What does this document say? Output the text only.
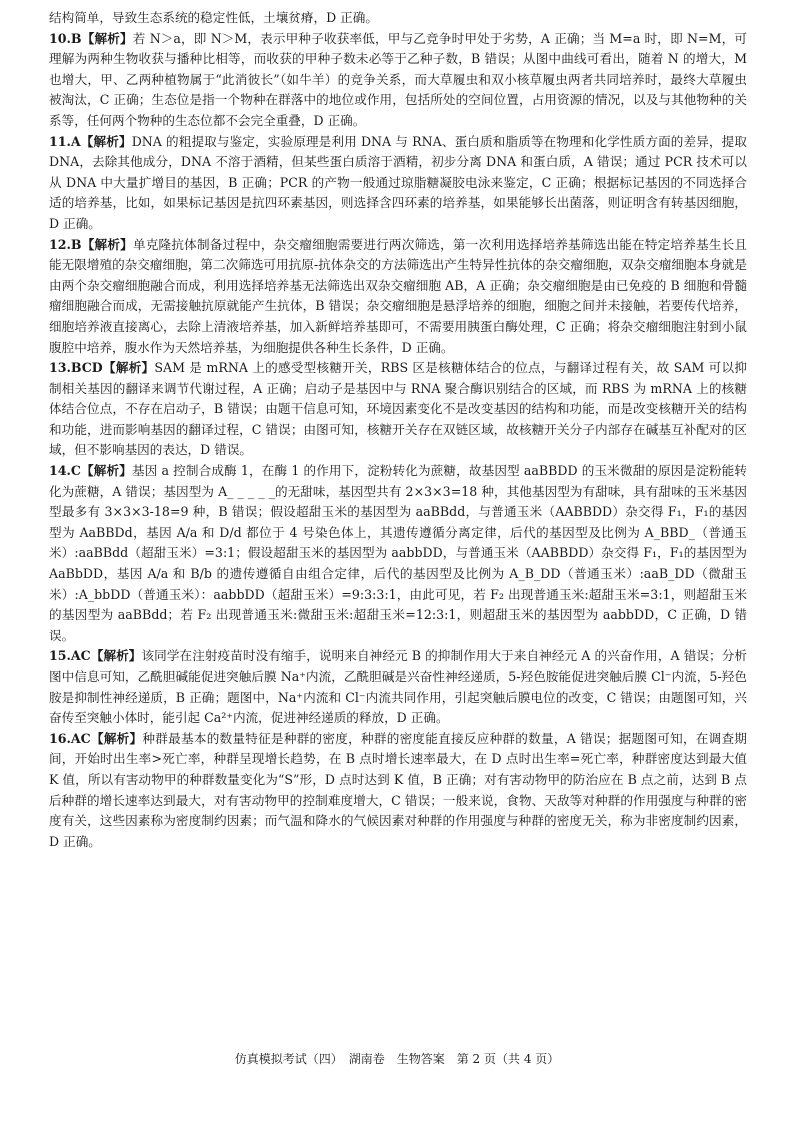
结构简单，导致生态系统的稳定性低，土壤贫瘠，D 正确。

10.B【解析】若 N＞a，即 N＞M，表示甲种子收获率低，甲与乙竞争时甲处于劣势，A 正确；当 M=a 时，即 N=M，可理解为两种生物收获与播种比相等，而收获的甲种子数未必等于乙种子数，B 错误；从图中曲线可看出，随着 N 的增大，M 也增大，甲、乙两种植物属于“此消彼长”（如牛羊）的竞争关系，而大草履虫和双小核草履虫两者共同培养时，最终大草履虫被淘汰，C 正确；生态位是指一个物种在群落中的地位或作用，包括所处的空间位置，占用资源的情况，以及与其他物种的关系等，任何两个物种的生态位都不会完全重叠，D 正确。

11.A【解析】DNA 的粗提取与鉴定，实验原理是利用 DNA 与 RNA、蛋白质和脂质等在物理和化学性质方面的差异，提取 DNA，去除其他成分，DNA 不溶于酒精，但某些蛋白质溶于酒精，初步分离 DNA 和蛋白质，A 错误；通过 PCR 技术可以从 DNA 中大量扩增目的基因，B 正确；PCR 的产物一般通过琼脂糖凝胶电泳来鉴定，C 正确；根据标记基因的不同选择合适的培养基，比如，如果标记基因是抗四环素基因，则选择含四环素的培养基，如果能够长出菌落，则证明含有转基因细胞，D 正确。

12.B【解析】单克隆抗体制备过程中，杂交瘤细胞需要进行两次筛选，第一次利用选择培养基筛选出能在特定培养基生长且能无限增殖的杂交瘤细胞，第二次筛选可用抗原-抗体杂交的方法筛选出产生特异性抗体的杂交瘤细胞，双杂交瘤细胞本身就是由两个杂交瘤细胞融合而成，利用选择培养基无法筛选出双杂交瘤细胞 AB，A 正确；杂交瘤细胞是由已免疫的 B 细胞和骨髓瘤细胞融合而成，无需接触抗原就能产生抗体，B 错误；杂交瘤细胞是悬浮培养的细胞，细胞之间并未接触，若要传代培养，细胞培养液直接离心，去除上清液培养基，加入新鲜培养基即可，不需要用胰蛋白酶处理，C 正确；将杂交瘤细胞注射到小鼠腹腔中培养，腹水作为天然培养基，为细胞提供各种生长条件，D 正确。

13.BCD【解析】SAM 是 mRNA 上的感受型核糖开关，RBS 区是核糖体结合的位点，与翻译过程有关，故 SAM 可以抑制相关基因的翻译来调节代谢过程，A 正确；启动子是基因中与 RNA 聚合酶识别结合的区域，而 RBS 为 mRNA 上的核糖体结合位点，不存在启动子，B 错误；由题干信息可知，环境因素变化不是改变基因的结构和功能，而是改变核糖开关的结构和功能，进而影响基因的翻译过程，C 错误；由图可知，核糖开关存在双链区域，故核糖开关分子内部存在碱基互补配对的区域，但不影响基因的表达，D 错误。

14.C【解析】基因 a 控制合成酶 1，在酶 1 的作用下，淀粉转化为蔗糖，故基因型 aaBBDD 的玉米微甜的原因是淀粉能转化为蔗糖，A 错误；基因型为 A_ _ _ _ _的无甜味，基因型共有 2×3×3=18 种，其他基因型为有甜味，具有甜味的玉米基因型最多有 3×3×3-18=9 种，B 错误；假设超甜玉米的基因型为 aaBBdd，与普通玉米（AABBDD）杂交得 F₁，F₁的基因型为 AaBBDd，基因 A/a 和 D/d 都位于 4 号染色体上，其遗传遵循分离定律，后代的基因型及比例为 A_BBD_（普通玉米）:aaBBdd（超甜玉米）=3:1；假设超甜玉米的基因型为 aabbDD，与普通玉米（AABBDD）杂交得 F₁，F₁的基因型为 AaBbDD，基因 A/a 和 B/b 的遗传遵循自由组合定律，后代的基因型及比例为 A_B_DD（普通玉米）:aaB_DD（微甜玉米）:A_bbDD（普通玉米）：aabbDD（超甜玉米）=9:3:3:1，由此可见，若 F₂ 出现普通玉米:超甜玉米=3:1，则超甜玉米的基因型为 aaBBdd；若 F₂ 出现普通玉米:微甜玉米:超甜玉米=12:3:1，则超甜玉米的基因型为 aabbDD，C 正确，D 错误。

15.AC【解析】该同学在注射疫苗时没有缩手，说明来自神经元 B 的抑制作用大于来自神经元 A 的兴奋作用，A 错误；分析图中信息可知，乙酰胆碱能促进突触后膜 Na⁺内流，乙酰胆碱是兴奋性神经递质，5-羟色胺能促进突触后膜 Cl⁻内流，5-羟色胺是抑制性神经递质，B 正确；题图中，Na⁺内流和 Cl⁻内流共同作用，引起突触后膜电位的改变，C 错误；由题图可知，兴奋传至突触小体时，能引起 Ca²⁺内流，促进神经递质的释放，D 正确。

16.AC【解析】种群最基本的数量特征是种群的密度，种群的密度能直接反应种群的数量，A 错误；据题图可知，在调查期间，开始时出生率>死亡率，种群呈现增长趋势，在 B 点时增长速率最大，在 D 点时出生率=死亡率，种群密度达到最大值 K 值，所以有害动物甲的种群数量变化为“S”形，D 点时达到 K 值，B 正确；对有害动物甲的防治应在 B 点之前，达到 B 点后种群的增长速率达到最大，对有害动物甲的控制难度增大，C 错误；一般来说，食物、天敌等对种群的作用强度与种群的密度有关，这些因素称为密度制约因素；而气温和降水的气候因素对种群的作用强度与种群的密度无关，称为非密度制约因素，D 正确。

仿真模拟考试（四）　湖南卷　生物答案　第 2 页（共 4 页）
